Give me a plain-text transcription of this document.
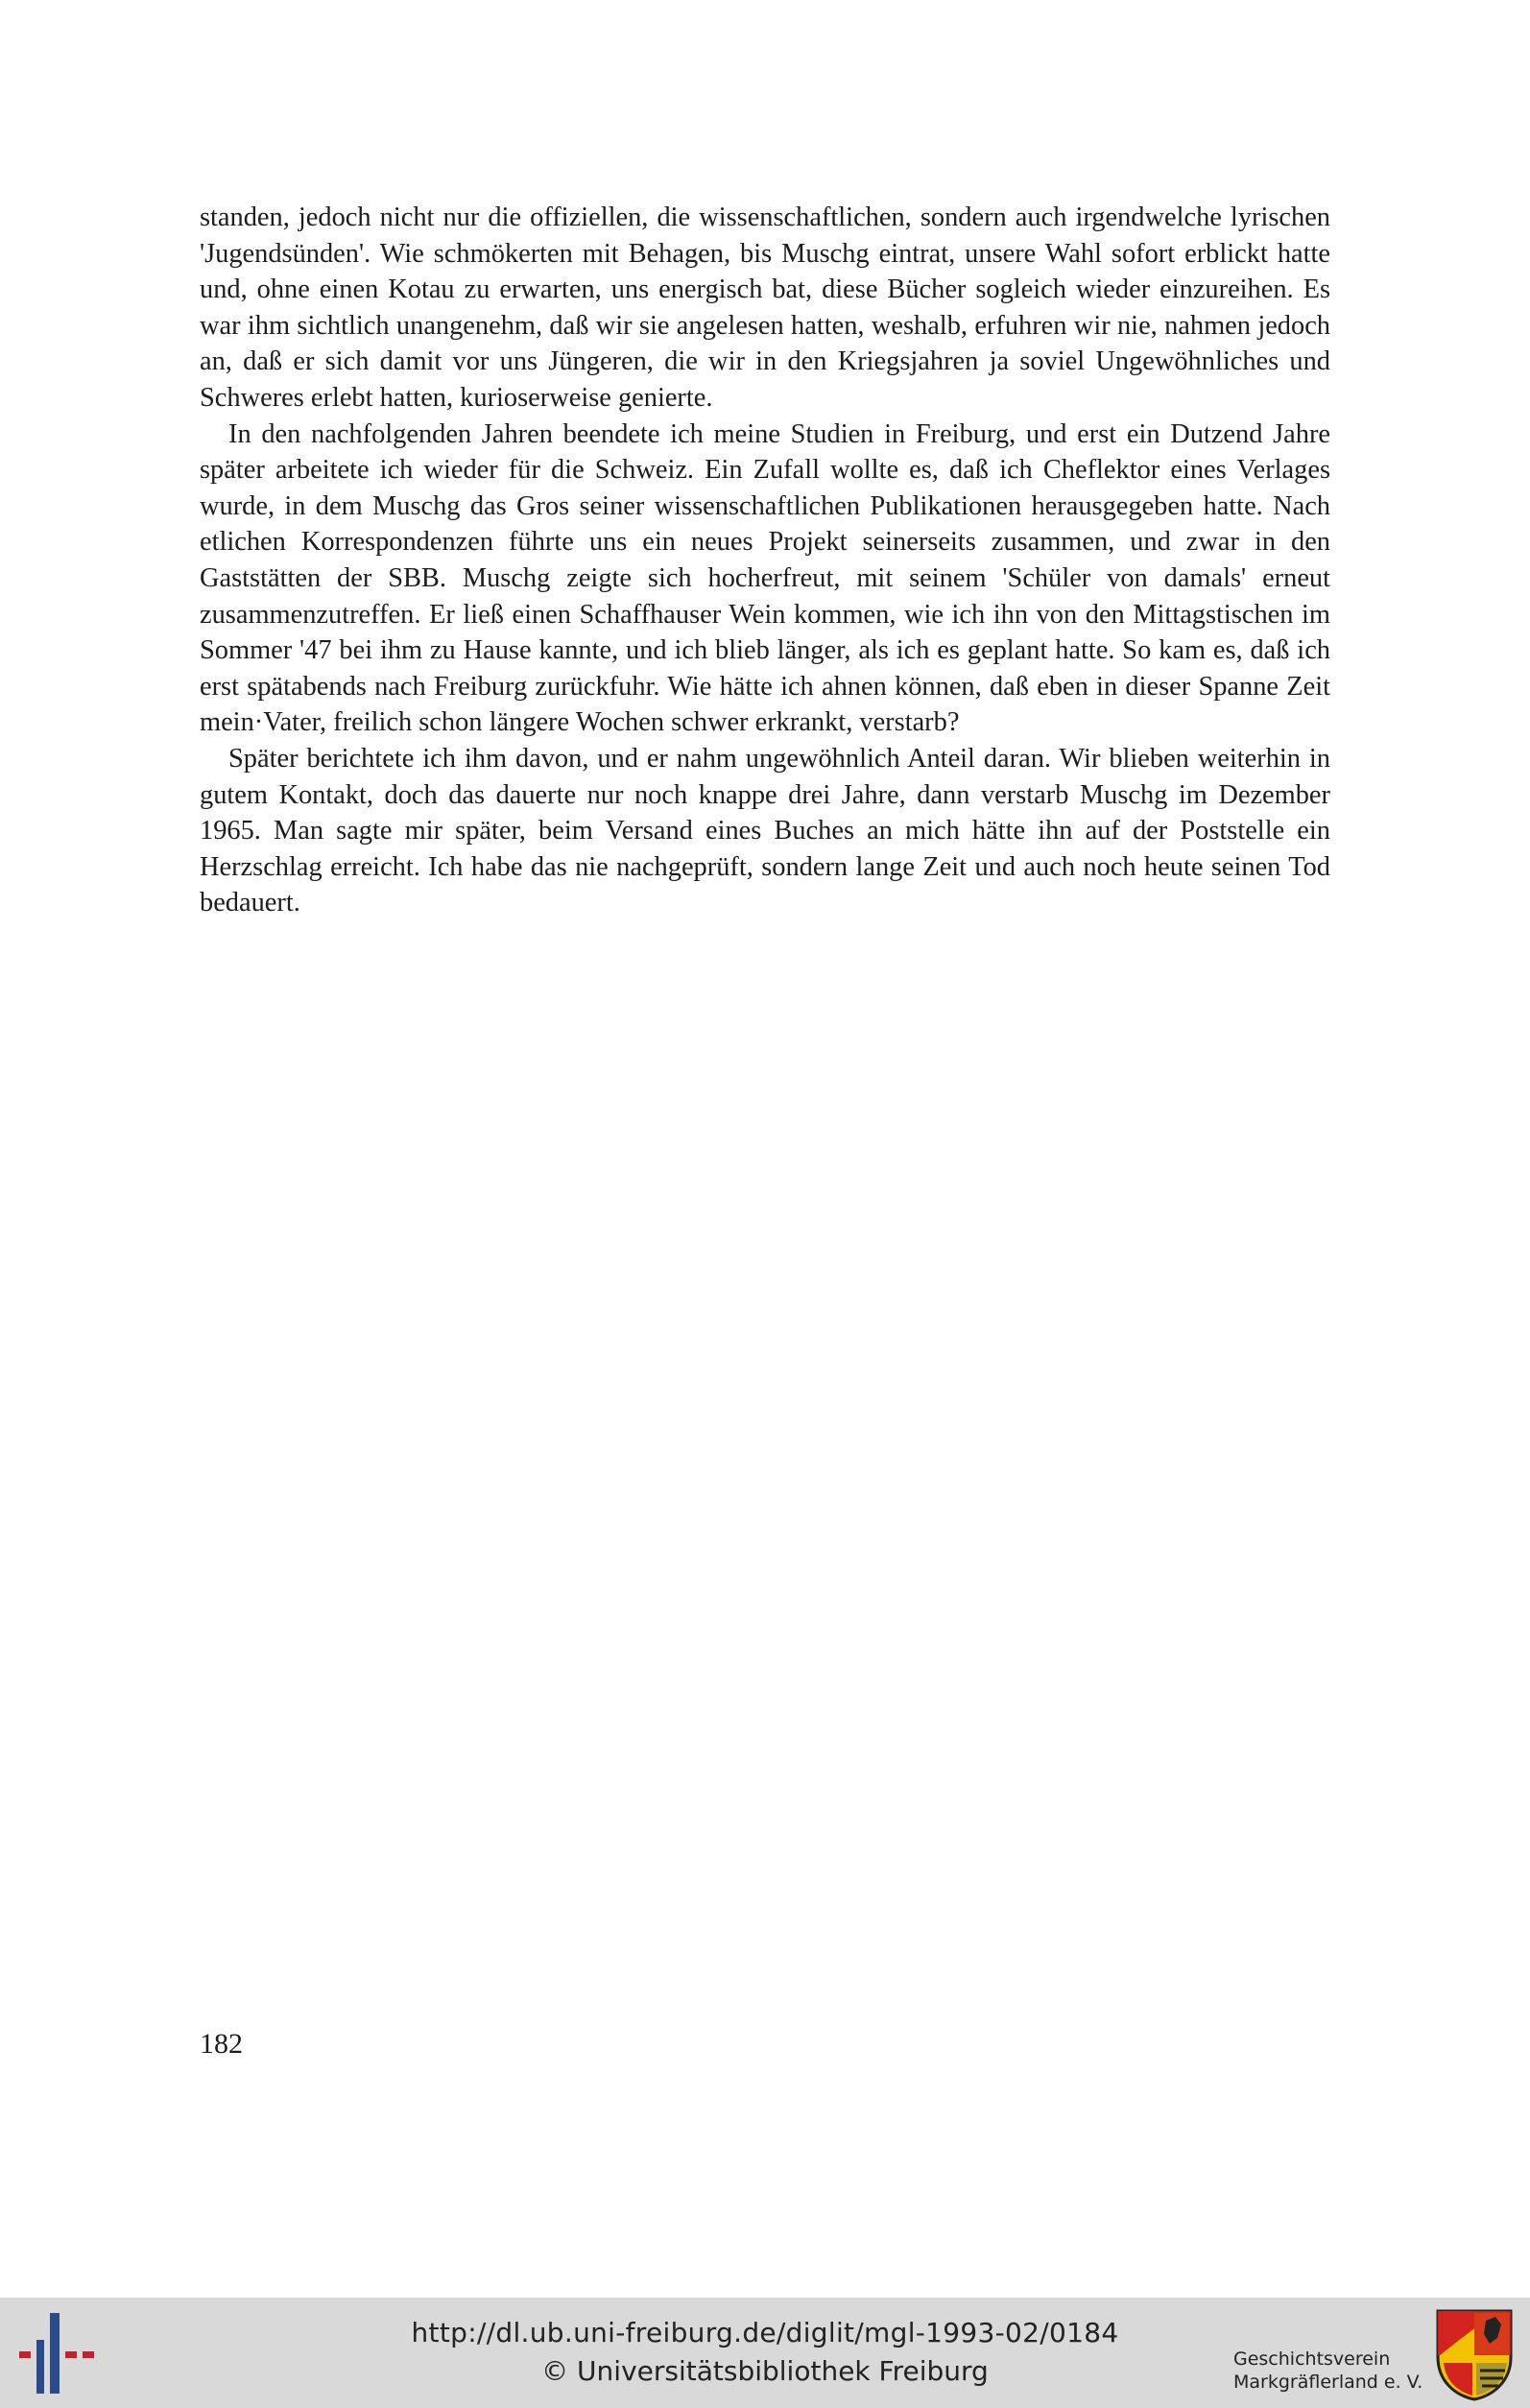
standen, jedoch nicht nur die offiziellen, die wissenschaftlichen, sondern auch irgendwelche lyrischen 'Jugendsünden'. Wie schmökerten mit Behagen, bis Muschg eintrat, unsere Wahl sofort erblickt hatte und, ohne einen Kotau zu erwarten, uns energisch bat, diese Bücher sogleich wieder einzureihen. Es war ihm sichtlich unangenehm, daß wir sie angelesen hatten, weshalb, erfuhren wir nie, nahmen jedoch an, daß er sich damit vor uns Jüngeren, die wir in den Kriegsjahren ja soviel Ungewöhnliches und Schweres erlebt hatten, kurioserweise genierte.

In den nachfolgenden Jahren beendete ich meine Studien in Freiburg, und erst ein Dutzend Jahre später arbeitete ich wieder für die Schweiz. Ein Zufall wollte es, daß ich Cheflektor eines Verlages wurde, in dem Muschg das Gros seiner wissenschaftlichen Publikationen herausgegeben hatte. Nach etlichen Korrespondenzen führte uns ein neues Projekt seinerseits zusammen, und zwar in den Gaststätten der SBB. Muschg zeigte sich hocherfreut, mit seinem 'Schüler von damals' erneut zusammenzutreffen. Er ließ einen Schaffhauser Wein kommen, wie ich ihn von den Mittagstischen im Sommer '47 bei ihm zu Hause kannte, und ich blieb länger, als ich es geplant hatte. So kam es, daß ich erst spätabends nach Freiburg zurückfuhr. Wie hätte ich ahnen können, daß eben in dieser Spanne Zeit mein·Vater, freilich schon längere Wochen schwer erkrankt, verstarb?

Später berichtete ich ihm davon, und er nahm ungewöhnlich Anteil daran. Wir blieben weiterhin in gutem Kontakt, doch das dauerte nur noch knappe drei Jahre, dann verstarb Muschg im Dezember 1965. Man sagte mir später, beim Versand eines Buches an mich hätte ihn auf der Poststelle ein Herzschlag erreicht. Ich habe das nie nachgeprüft, sondern lange Zeit und auch noch heute seinen Tod bedauert.

182
http://dl.ub.uni-freiburg.de/diglit/mgl-1993-02/0184
© Universitätsbibliothek Freiburg	Geschichtsverein
Markgräflerland e. V.
